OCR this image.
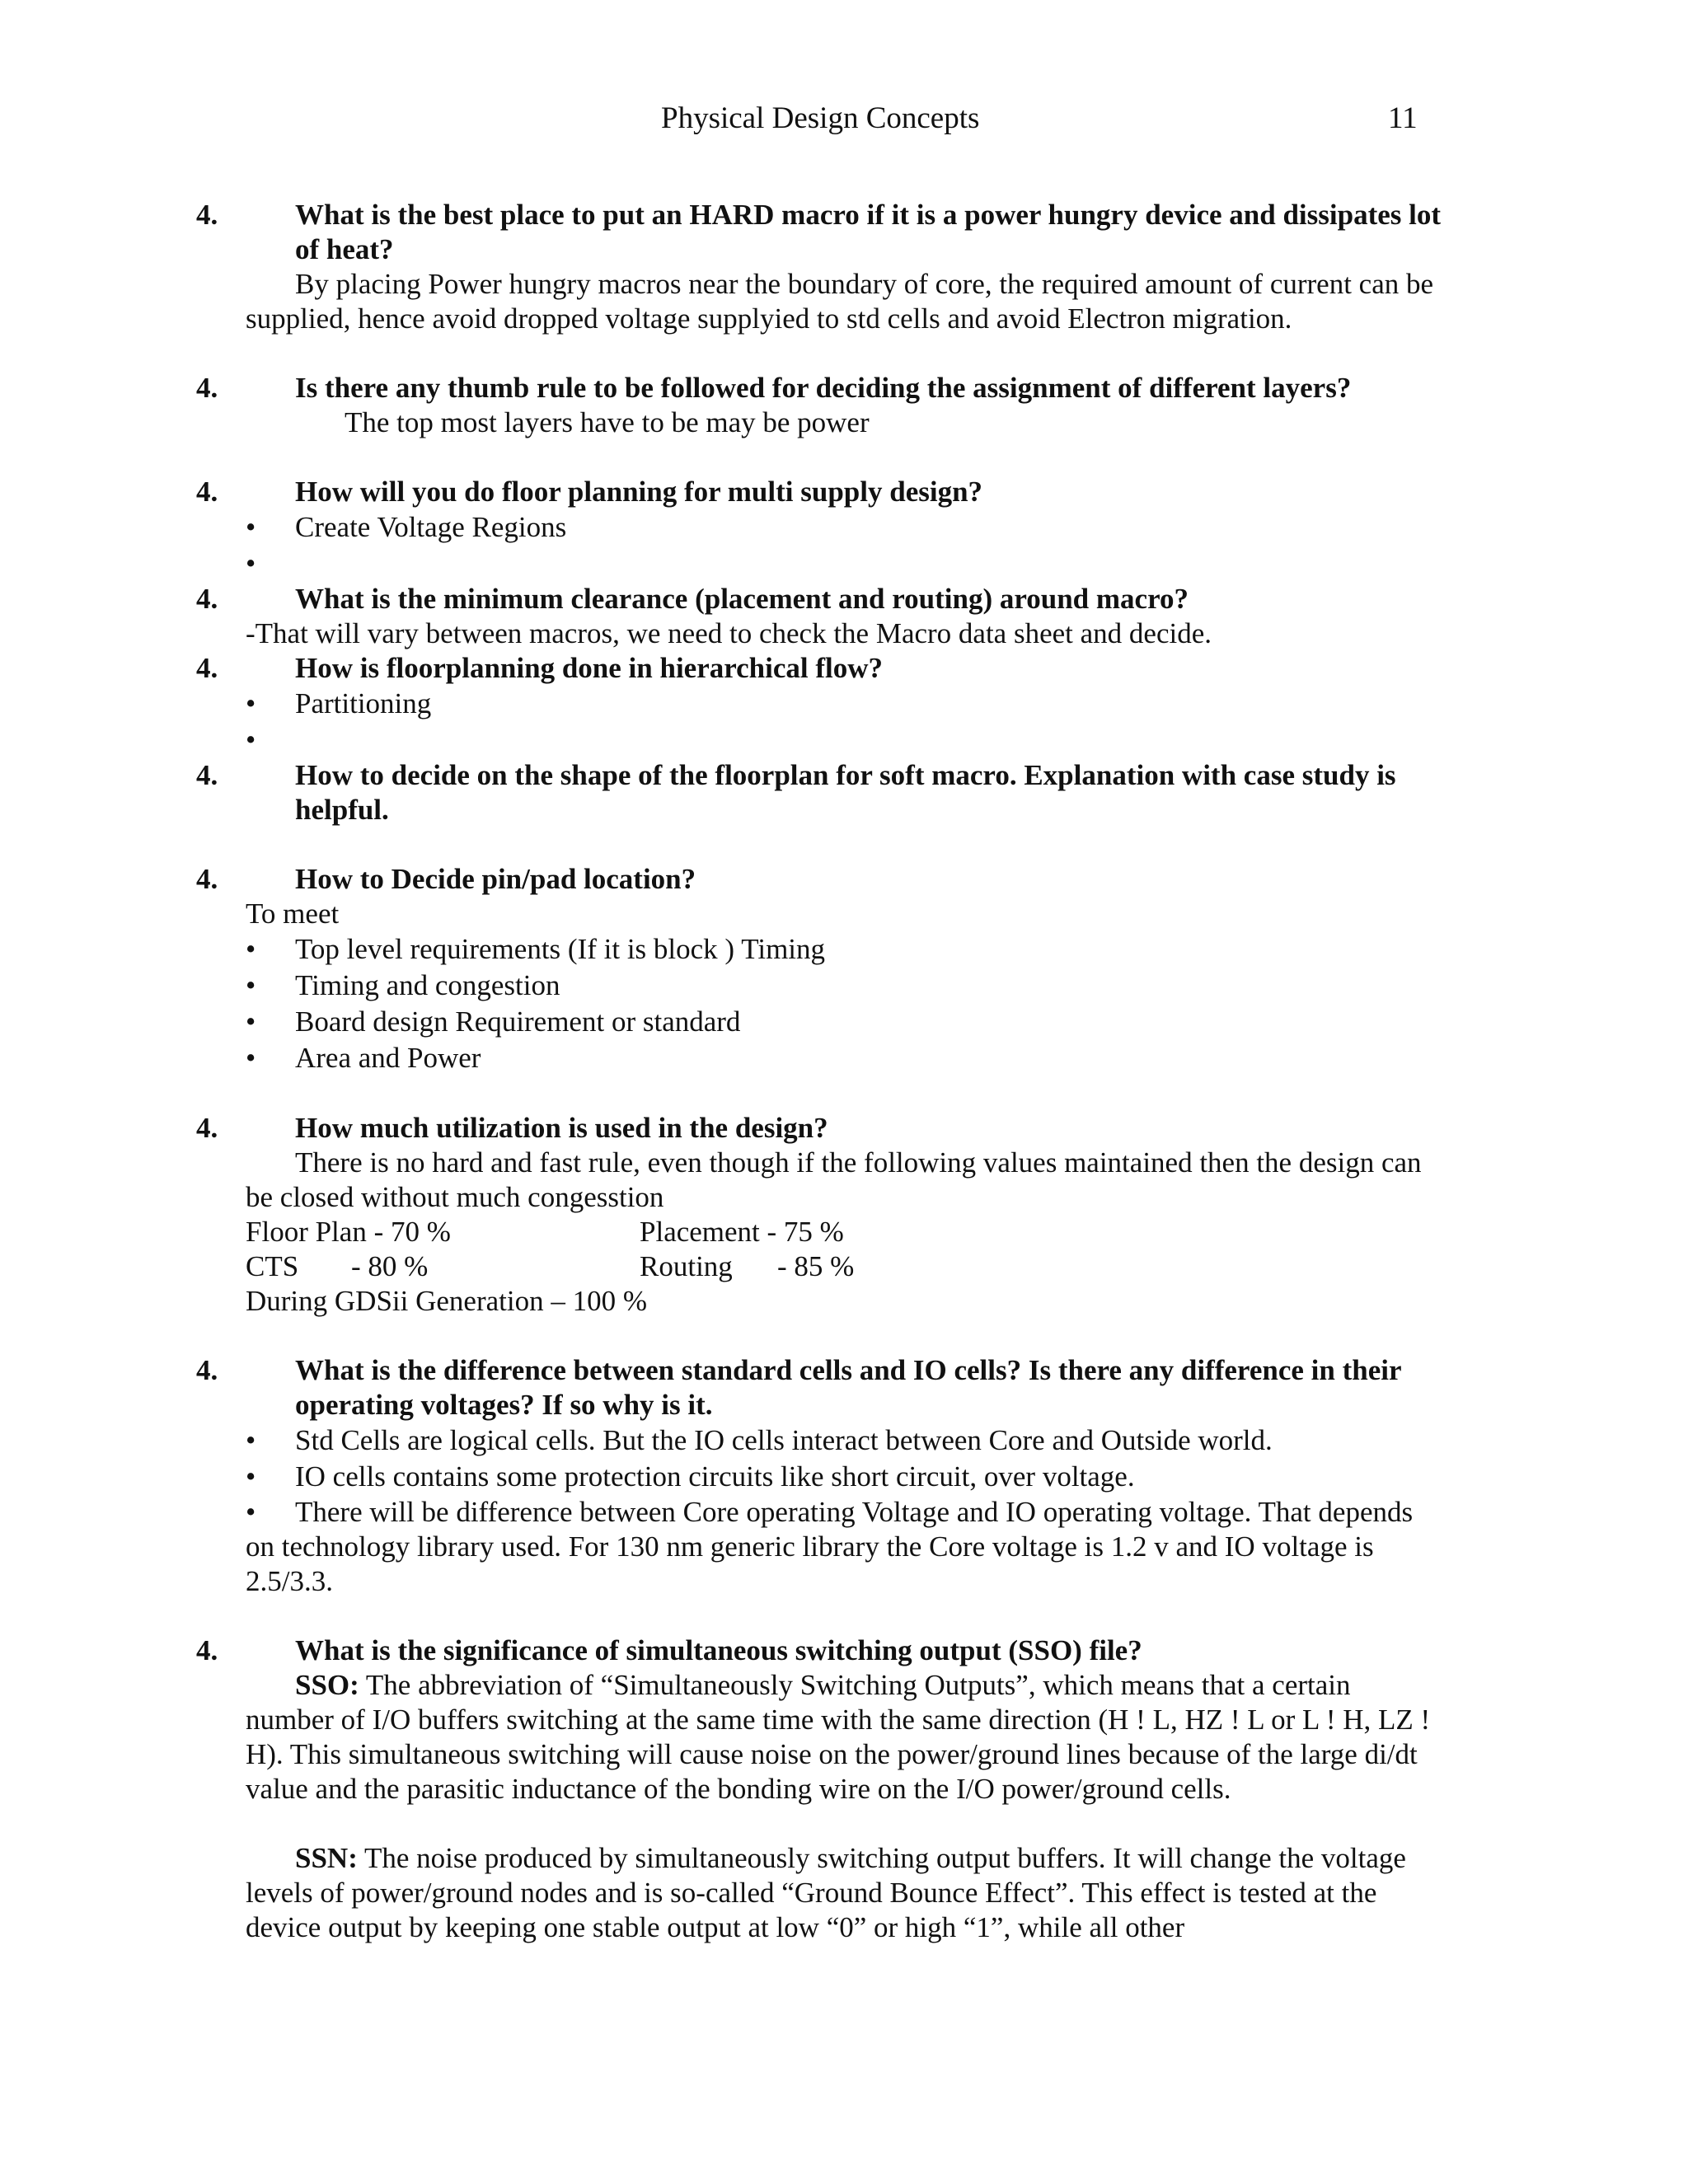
Physical Design Concepts	11
4.	What is the best place to put an HARD macro if it is a power hungry device and dissipates lot of heat?
By placing Power hungry macros near the boundary of core, the required amount of current can be supplied, hence avoid dropped voltage supplyied to std cells and avoid Electron migration.
4.	Is there any thumb rule to be followed for deciding the assignment of different layers?
The top most layers have to be may be power
4.	How will you do floor planning for multi supply design?
•	Create Voltage Regions
•
4.	What is the minimum clearance (placement and routing) around macro?
-That will vary between macros, we need to check the Macro data sheet and decide.
4.	How is floorplanning done in hierarchical flow?
•	Partitioning
•
4.	How to decide on the shape of the floorplan for soft macro. Explanation with case study is helpful.
4.	How to Decide pin/pad location?
To meet
•	Top level requirements (If it is block ) Timing
•	Timing and congestion
•	Board design Requirement or standard
•	Area and Power
4.	How much utilization is used in the design?
There is no hard and fast rule, even though if the following values maintained then the design can be closed without much congesstion
Floor Plan - 70 %	Placement - 75 %
CTS - 80 %	Routing - 85 %
During GDSii Generation – 100 %
4.	What is the difference between standard cells and IO cells? Is there any difference in their operating voltages? If so why is it.
•	Std Cells are logical cells. But the IO cells interact between Core and Outside world.
•	IO cells contains some protection circuits like short circuit, over voltage.
•	There will be difference between Core operating Voltage and IO operating voltage. That depends on technology library used. For 130 nm generic library the Core voltage is 1.2 v and IO voltage is 2.5/3.3.
4.	What is the significance of simultaneous switching output (SSO) file?
SSO: The abbreviation of “Simultaneously Switching Outputs”, which means that a certain number of I/O buffers switching at the same time with the same direction (H ! L, HZ ! L or L ! H, LZ ! H). This simultaneous switching will cause noise on the power/ground lines because of the large di/dt value and the parasitic inductance of the bonding wire on the I/O power/ground cells.
SSN: The noise produced by simultaneously switching output buffers. It will change the voltage levels of power/ground nodes and is so-called “Ground Bounce Effect”. This effect is tested at the device output by keeping one stable output at low “0” or high “1”, while all other
